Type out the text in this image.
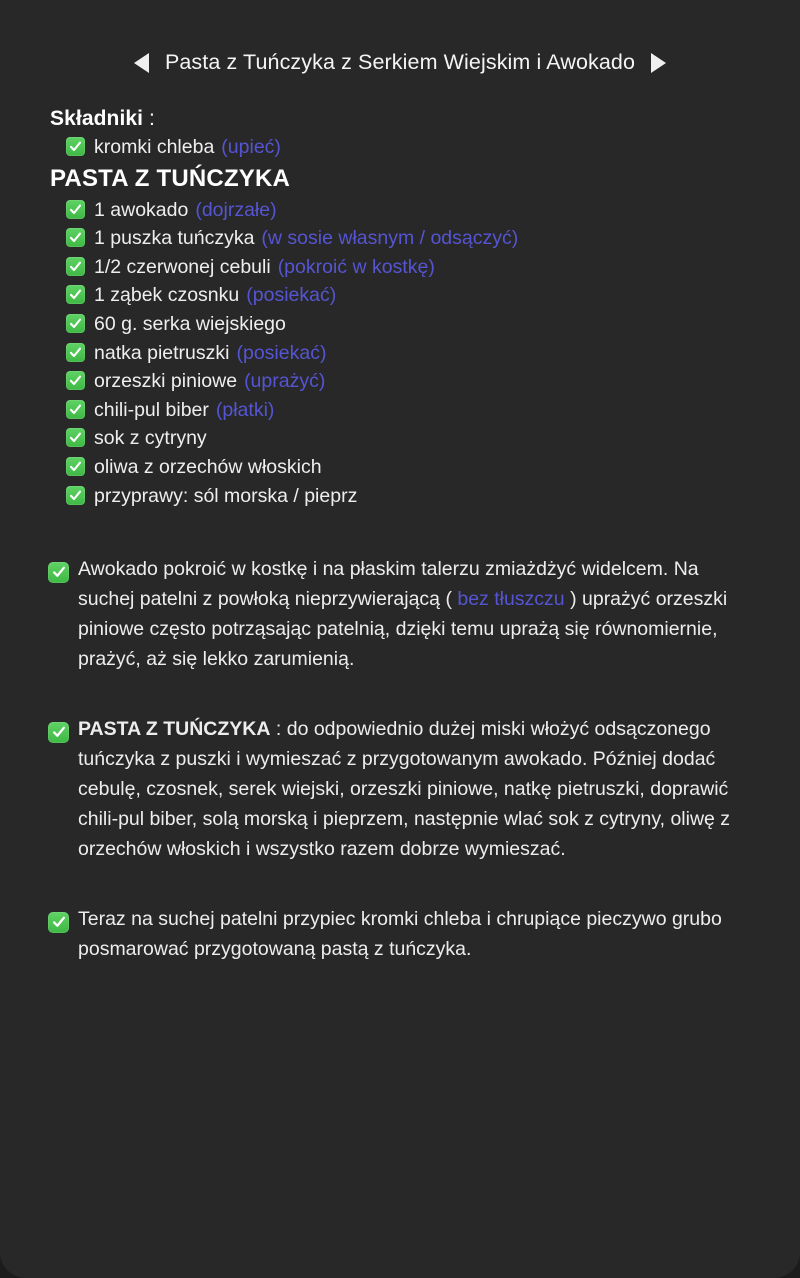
Pasta z Tuńczyka z Serkiem Wiejskim i Awokado
Składniki :
kromki chleba (upieć)
PASTA Z TUŃCZYKA
1 awokado (dojrzałe)
1 puszka tuńczyka (w sosie własnym / odsączyć)
1/2 czerwonej cebuli (pokroić w kostkę)
1 ząbek czosnku (posiekać)
60 g. serka wiejskiego
natka pietruszki (posiekać)
orzeszki piniowe (uprażyć)
chili-pul biber (płatki)
sok z cytryny
oliwa z orzechów włoskich
przyprawy: sól morska / pieprz

Awokado pokroić w kostkę i na płaskim talerzu zmiażdżyć widelcem. Na suchej patelni z powłoką nieprzywierającą ( bez tłuszczu ) uprażyć orzeszki piniowe często potrząsając patelnią, dzięki temu uprażą się równomiernie, prażyć, aż się lekko zarumienią.

PASTA Z TUŃCZYKA : do odpowiednio dużej miski włożyć odsączonego tuńczyka z puszki i wymieszać z przygotowanym awokado. Później dodać cebulę, czosnek, serek wiejski, orzeszki piniowe, natkę pietruszki, doprawić chili-pul biber, solą morską i pieprzem, następnie wlać sok z cytryny, oliwę z orzechów włoskich i wszystko razem dobrze wymieszać.

Teraz na suchej patelni przypiec kromki chleba i chrupiące pieczywo grubo posmarować przygotowaną pastą z tuńczyka.
